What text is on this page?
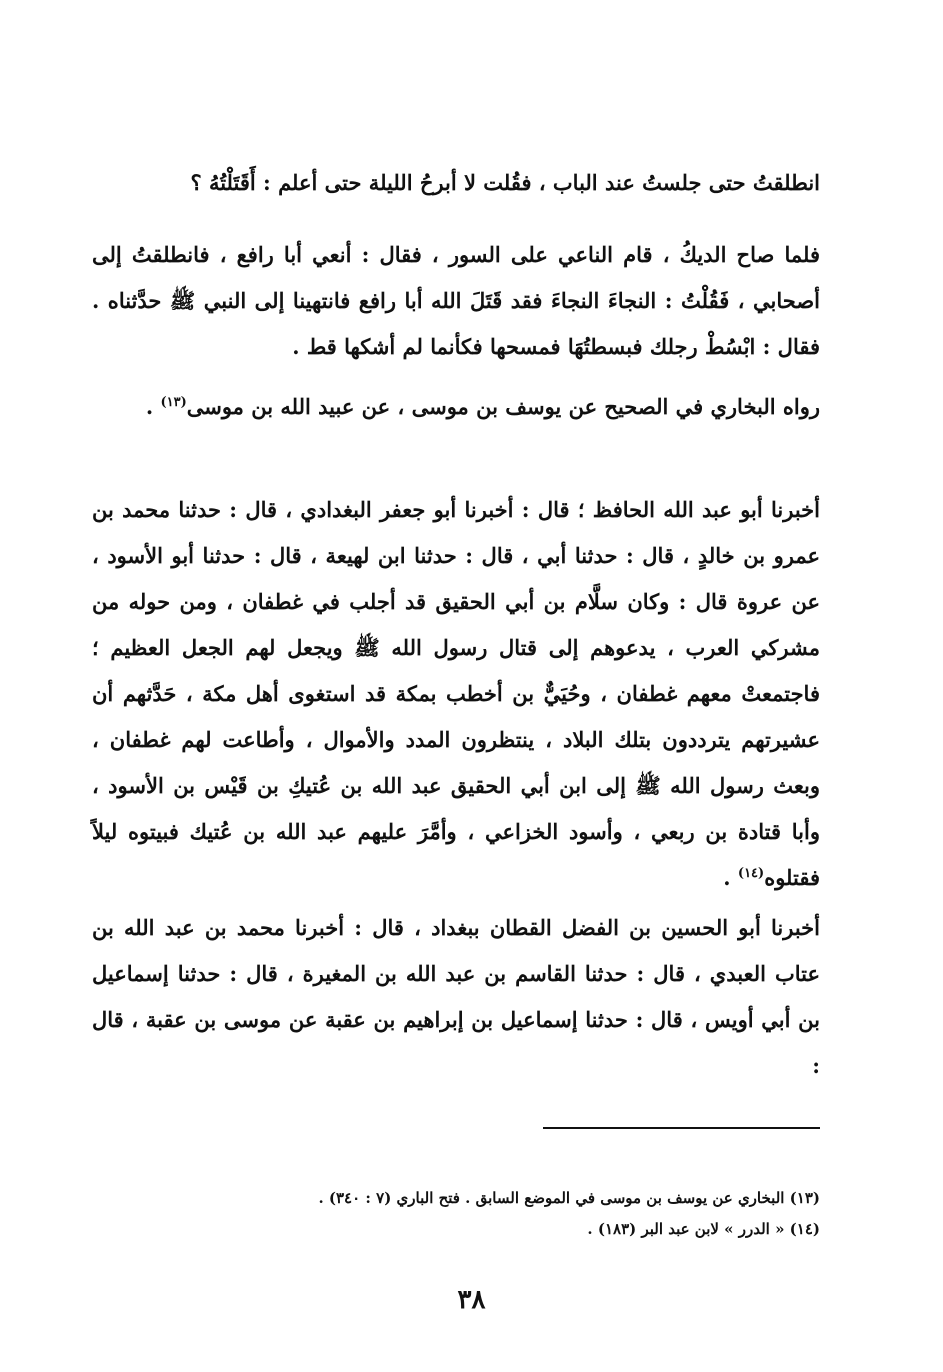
انطلقتُ حتى جلستُ عند الباب ، فقُلت لا أبرحُ الليلة حتى أعلم : أَقَتَلْتُهُ ؟

فلما صاح الديكُ ، قام الناعي على السور ، فقال : أنعي أبا رافع ، فانطلقتُ إلى أصحابي ، فَقُلْتُ : النجاءَ النجاءَ فقد قَتَلَ الله أبا رافع فانتهينا إلى النبي ﷺ حدَّثناه . فقال : ابْسُطْ رجلك فبسطتُهَا فمسحها فكأنما لم أشكها قط .

رواه البخاري في الصحيح عن يوسف بن موسى ، عن عبيد الله بن موسى$^{(١٣)}$ .

أخبرنا أبو عبد الله الحافظ ؛ قال : أخبرنا أبو جعفر البغدادي ، قال : حدثنا محمد بن عمرو بن خالدٍ ، قال : حدثنا أبي ، قال : حدثنا ابن لهيعة ، قال : حدثنا أبو الأسود ، عن عروة قال : وكان سلَّام بن أبي الحقيق قد أجلب في غطفان ، ومن حوله من مشركي العرب ، يدعوهم إلى قتال رسول الله ﷺ ويجعل لهم الجعل العظيم ؛ فاجتمعتْ معهم غطفان ، وحُيَيٌّ بن أخطب بمكة قد استغوى أهل مكة ، حَدَّثهم أن عشيرتهم يترددون بتلك البلاد ، ينتظرون المدد والأموال ، وأطاعت لهم غطفان ، وبعث رسول الله ﷺ إلى ابن أبي الحقيق عبد الله بن عُتيكِ بن قَيْس بن الأسود ، وأبا قتادة بن ربعي ، وأسود الخزاعي ، وأمَّرَ عليهم عبد الله بن عُتيك فبيتوه ليلاً فقتلوه$^{(١٤)}$ .

أخبرنا أبو الحسين بن الفضل القطان ببغداد ، قال : أخبرنا محمد بن عبد الله بن عتاب العبدي ، قال : حدثنا القاسم بن عبد الله بن المغيرة ، قال : حدثنا إسماعيل بن أبي أويس ، قال : حدثنا إسماعيل بن إبراهيم بن عقبة عن موسى بن عقبة ، قال :

(١٣) البخاري عن يوسف بن موسى في الموضع السابق . فتح الباري (٧ : ٣٤٠) .

(١٤) « الدرر » لابن عبد البر (١٨٣) .

٣٨
